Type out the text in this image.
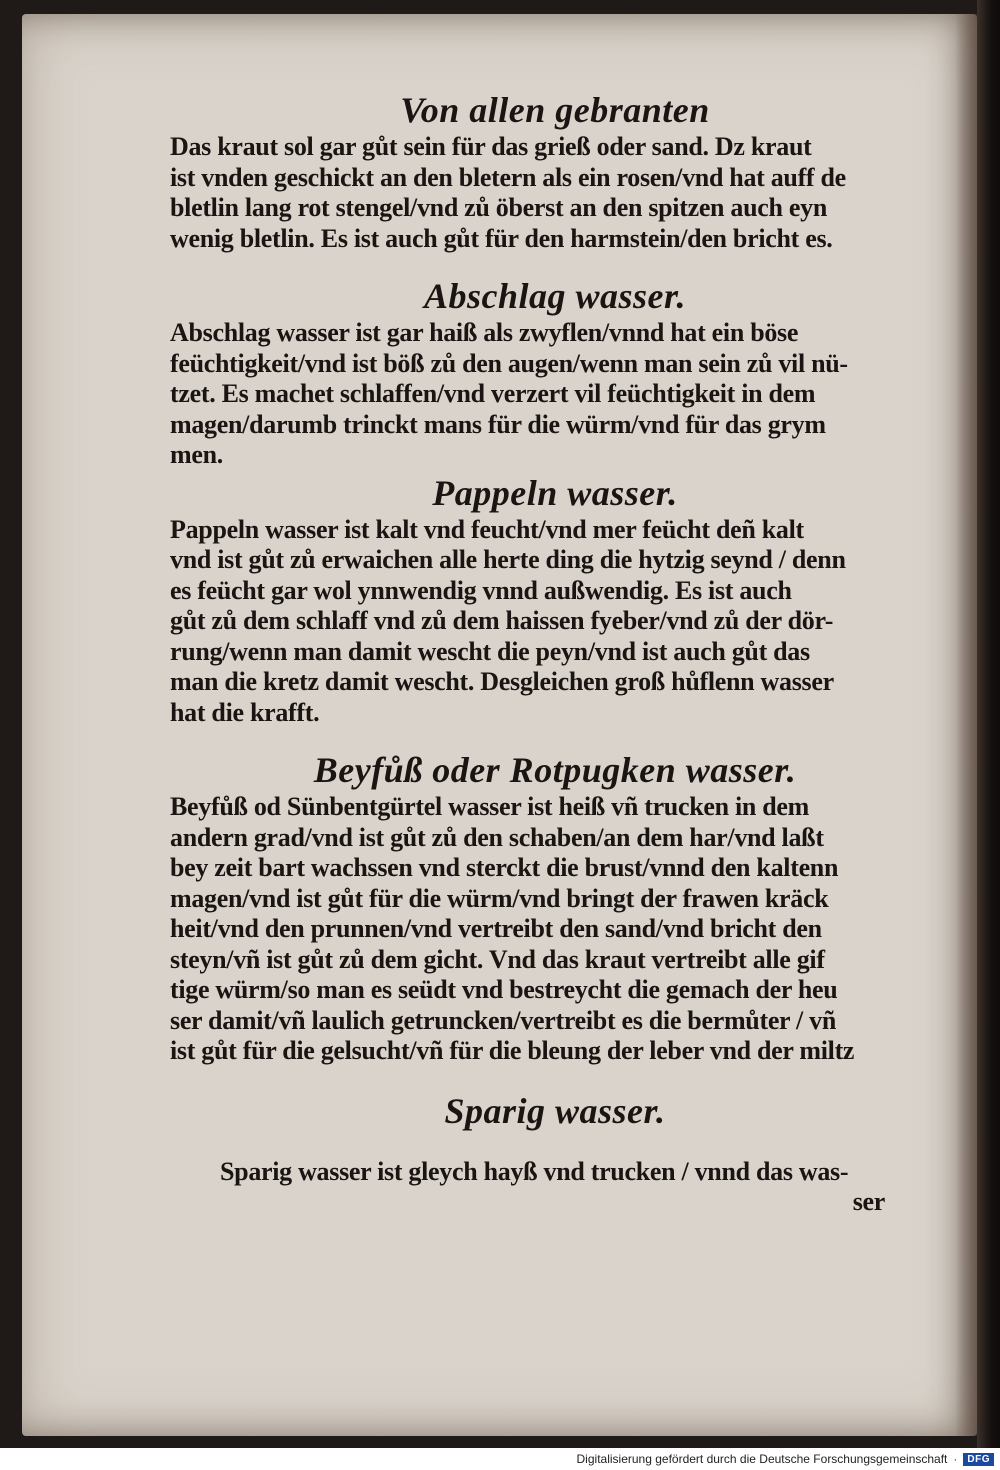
Von allen gebranten

Das kraut sol gar gůt sein für das grieß oder sand. Dz kraut
ist vnden geschickt an den bletern als ein rosen/vnd hat auff de
bletlin lang rot stengel/vnd zů öberst an den spitzen auch eyn
wenig bletlin. Es ist auch gůt für den harmstein/den bricht es.

Abschlag wasser.

Abschlag wasser ist gar haiß als zwyflen/vnnd hat ein böse
feüchtigkeit/vnd ist böß zů den augen/wenn man sein zů vil nü-
tzet. Es machet schlaffen/vnd verzert vil feüchtigkeit in dem
magen/darumb trinckt mans für die würm/vnd für das grym
men.

Pappeln wasser.

Pappeln wasser ist kalt vnd feucht/vnd mer feücht deñ kalt
vnd ist gůt zů erwaichen alle herte ding die hytzig seynd / denn
es feücht gar wol ynnwendig vnnd außwendig. Es ist auch
gůt zů dem schlaff vnd zů dem haissen fyeber/vnd zů der dör-
rung/wenn man damit wescht die peyn/vnd ist auch gůt das
man die kretz damit wescht. Desgleichen groß hůflenn wasser
hat die krafft.

Beyfůß oder Rotpugken wasser.

Beyfůß od Sünbentgürtel wasser ist heiß vñ trucken in dem
andern grad/vnd ist gůt zů den schaben/an dem har/vnd laßt
bey zeit bart wachssen vnd sterckt die brust/vnnd den kaltenn
magen/vnd ist gůt für die würm/vnd bringt der frawen kräck
heit/vnd den prunnen/vnd vertreibt den sand/vnd bricht den
steyn/vñ ist gůt zů dem gicht. Vnd das kraut vertreibt alle gif
tige würm/so man es seüdt vnd bestreycht die gemach der heu
ser damit/vñ laulich getruncken/vertreibt es die bermůter / vñ
ist gůt für die gelsucht/vñ für die bleung der leber vnd der miltz

Sparig wasser.

Sparig wasser ist gleych hayß vnd trucken / vnnd das was-
ser

Digitalisierung gefördert durch die Deutsche Forschungsgemeinschaft ·	DFG
